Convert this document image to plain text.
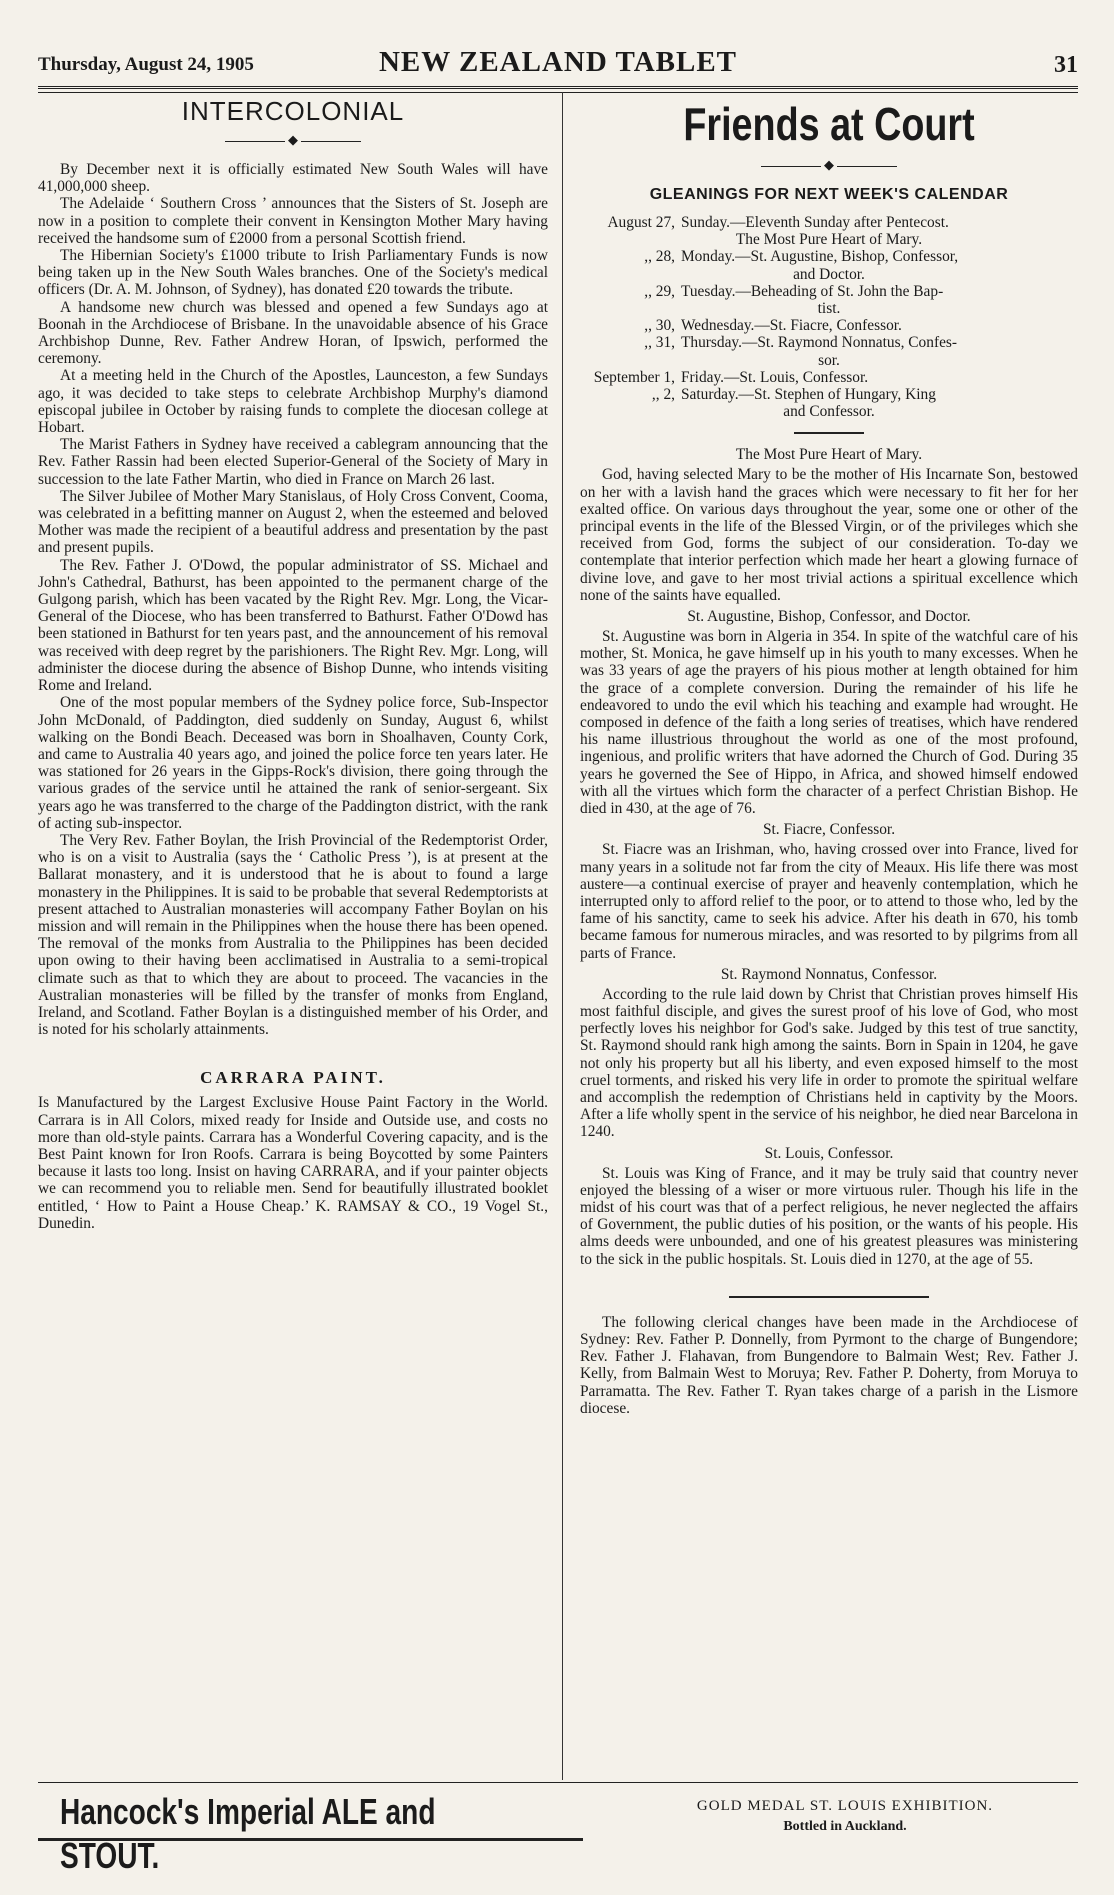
Thursday, August 24, 1905	NEW ZEALAND TABLET	31
INTERCOLONIAL
◆

By December next it is officially estimated New South Wales will have 41,000,000 sheep.

The Adelaide ‘ Southern Cross ’ announces that the Sisters of St. Joseph are now in a position to complete their convent in Kensington Mother Mary having received the handsome sum of £2000 from a personal Scottish friend.

The Hibernian Society's £1000 tribute to Irish Parliamentary Funds is now being taken up in the New South Wales branches. One of the Society's medical officers (Dr. A. M. Johnson, of Sydney), has donated £20 towards the tribute.

A handsome new church was blessed and opened a few Sundays ago at Boonah in the Archdiocese of Brisbane. In the unavoidable absence of his Grace Archbishop Dunne, Rev. Father Andrew Horan, of Ipswich, performed the ceremony.

At a meeting held in the Church of the Apostles, Launceston, a few Sundays ago, it was decided to take steps to celebrate Archbishop Murphy's diamond episcopal jubilee in October by raising funds to complete the diocesan college at Hobart.

The Marist Fathers in Sydney have received a cablegram announcing that the Rev. Father Rassin had been elected Superior-General of the Society of Mary in succession to the late Father Martin, who died in France on March 26 last.

The Silver Jubilee of Mother Mary Stanislaus, of Holy Cross Convent, Cooma, was celebrated in a befitting manner on August 2, when the esteemed and beloved Mother was made the recipient of a beautiful address and presentation by the past and present pupils.

The Rev. Father J. O'Dowd, the popular administrator of SS. Michael and John's Cathedral, Bathurst, has been appointed to the permanent charge of the Gulgong parish, which has been vacated by the Right Rev. Mgr. Long, the Vicar-General of the Diocese, who has been transferred to Bathurst. Father O'Dowd has been stationed in Bathurst for ten years past, and the announcement of his removal was received with deep regret by the parishioners. The Right Rev. Mgr. Long, will administer the diocese during the absence of Bishop Dunne, who intends visiting Rome and Ireland.

One of the most popular members of the Sydney police force, Sub-Inspector John McDonald, of Paddington, died suddenly on Sunday, August 6, whilst walking on the Bondi Beach. Deceased was born in Shoalhaven, County Cork, and came to Australia 40 years ago, and joined the police force ten years later. He was stationed for 26 years in the Gipps-Rock's division, there going through the various grades of the service until he attained the rank of senior-sergeant. Six years ago he was transferred to the charge of the Paddington district, with the rank of acting sub-inspector.

The Very Rev. Father Boylan, the Irish Provincial of the Redemptorist Order, who is on a visit to Australia (says the ‘ Catholic Press ’), is at present at the Ballarat monastery, and it is understood that he is about to found a large monastery in the Philippines. It is said to be probable that several Redemptorists at present attached to Australian monasteries will accompany Father Boylan on his mission and will remain in the Philippines when the house there has been opened. The removal of the monks from Australia to the Philippines has been decided upon owing to their having been acclimatised in Australia to a semi-tropical climate such as that to which they are about to proceed. The vacancies in the Australian monasteries will be filled by the transfer of monks from England, Ireland, and Scotland. Father Boylan is a distinguished member of his Order, and is noted for his scholarly attainments.

CARRARA PAINT.
Is Manufactured by the Largest Exclusive House Paint Factory in the World. Carrara is in All Colors, mixed ready for Inside and Outside use, and costs no more than old-style paints. Carrara has a Wonderful Covering capacity, and is the Best Paint known for Iron Roofs. Carrara is being Boycotted by some Painters because it lasts too long. Insist on having CARRARA, and if your painter objects we can recommend you to reliable men. Send for beautifully illustrated booklet entitled, ‘ How to Paint a House Cheap.’ K. RAMSAY & CO., 19 Vogel St., Dunedin.
Friends at Court
◆
GLEANINGS FOR NEXT WEEK'S CALENDAR
August 27, Sunday.—Eleventh Sunday after Pentecost.
The Most Pure Heart of Mary.
,, 28, Monday.—St. Augustine, Bishop, Confessor,
and Doctor.
,, 29, Tuesday.—Beheading of St. John the Bap-
tist.
,, 30, Wednesday.—St. Fiacre, Confessor.
,, 31, Thursday.—St. Raymond Nonnatus, Confes-
sor.
September 1, Friday.—St. Louis, Confessor.
,, 2, Saturday.—St. Stephen of Hungary, King
and Confessor.
The Most Pure Heart of Mary.

God, having selected Mary to be the mother of His Incarnate Son, bestowed on her with a lavish hand the graces which were necessary to fit her for her exalted office. On various days throughout the year, some one or other of the principal events in the life of the Blessed Virgin, or of the privileges which she received from God, forms the subject of our consideration. To-day we contemplate that interior perfection which made her heart a glowing furnace of divine love, and gave to her most trivial actions a spiritual excellence which none of the saints have equalled.

St. Augustine, Bishop, Confessor, and Doctor.

St. Augustine was born in Algeria in 354. In spite of the watchful care of his mother, St. Monica, he gave himself up in his youth to many excesses. When he was 33 years of age the prayers of his pious mother at length obtained for him the grace of a complete conversion. During the remainder of his life he endeavored to undo the evil which his teaching and example had wrought. He composed in defence of the faith a long series of treatises, which have rendered his name illustrious throughout the world as one of the most profound, ingenious, and prolific writers that have adorned the Church of God. During 35 years he governed the See of Hippo, in Africa, and showed himself endowed with all the virtues which form the character of a perfect Christian Bishop. He died in 430, at the age of 76.

St. Fiacre, Confessor.

St. Fiacre was an Irishman, who, having crossed over into France, lived for many years in a solitude not far from the city of Meaux. His life there was most austere—a continual exercise of prayer and heavenly contemplation, which he interrupted only to afford relief to the poor, or to attend to those who, led by the fame of his sanctity, came to seek his advice. After his death in 670, his tomb became famous for numerous miracles, and was resorted to by pilgrims from all parts of France.

St. Raymond Nonnatus, Confessor.

According to the rule laid down by Christ that Christian proves himself His most faithful disciple, and gives the surest proof of his love of God, who most perfectly loves his neighbor for God's sake. Judged by this test of true sanctity, St. Raymond should rank high among the saints. Born in Spain in 1204, he gave not only his property but all his liberty, and even exposed himself to the most cruel torments, and risked his very life in order to promote the spiritual welfare and accomplish the redemption of Christians held in captivity by the Moors. After a life wholly spent in the service of his neighbor, he died near Barcelona in 1240.

St. Louis, Confessor.

St. Louis was King of France, and it may be truly said that country never enjoyed the blessing of a wiser or more virtuous ruler. Though his life in the midst of his court was that of a perfect religious, he never neglected the affairs of Government, the public duties of his position, or the wants of his people. His alms deeds were unbounded, and one of his greatest pleasures was ministering to the sick in the public hospitals. St. Louis died in 1270, at the age of 55.

The following clerical changes have been made in the Archdiocese of Sydney: Rev. Father P. Donnelly, from Pyrmont to the charge of Bungendore; Rev. Father J. Flahavan, from Bungendore to Balmain West; Rev. Father J. Kelly, from Balmain West to Moruya; Rev. Father P. Doherty, from Moruya to Parramatta. The Rev. Father T. Ryan takes charge of a parish in the Lismore diocese.

Hancock's Imperial ALE and STOUT.
GOLD MEDAL ST. LOUIS EXHIBITION.
Bottled in Auckland.
